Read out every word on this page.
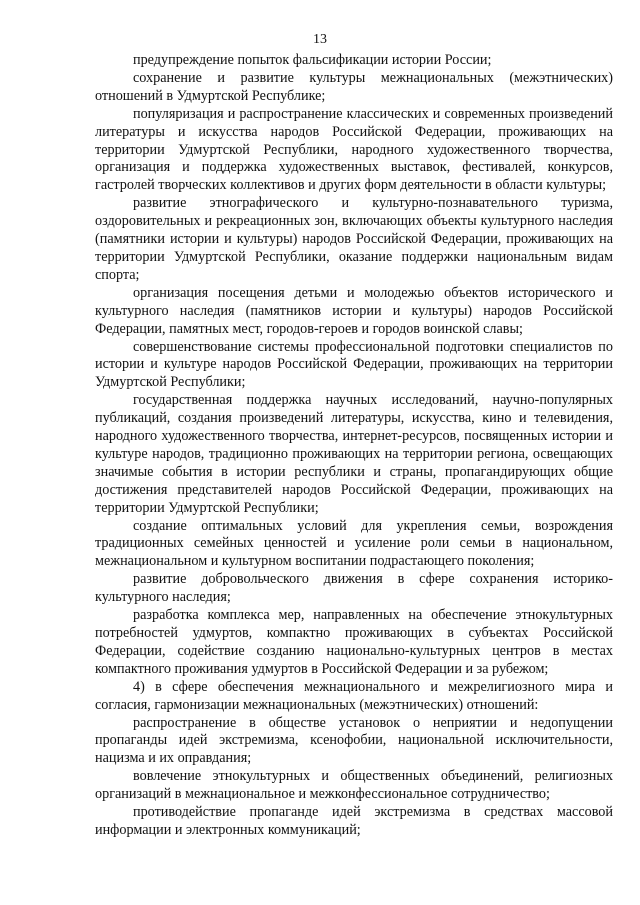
13

предупреждение попыток фальсификации истории России;

сохранение и развитие культуры межнациональных (межэтнических) отношений в Удмуртской Республике;

популяризация и распространение классических и современных произведений литературы и искусства народов Российской Федерации, проживающих на территории Удмуртской Республики, народного художественного творчества, организация и поддержка художественных выставок, фестивалей, конкурсов, гастролей творческих коллективов и других форм деятельности в области культуры;

развитие этнографического и культурно-познавательного туризма, оздоровительных и рекреационных зон, включающих объекты культурного наследия (памятники истории и культуры) народов Российской Федерации, проживающих на территории Удмуртской Республики, оказание поддержки национальным видам спорта;

организация посещения детьми и молодежью объектов исторического и культурного наследия (памятников истории и культуры) народов Российской Федерации, памятных мест, городов-героев и городов воинской славы;

совершенствование системы профессиональной подготовки специалистов по истории и культуре народов Российской Федерации, проживающих на территории Удмуртской Республики;

государственная поддержка научных исследований, научно-популярных публикаций, создания произведений литературы, искусства, кино и телевидения, народного художественного творчества, интернет-ресурсов, посвященных истории и культуре народов, традиционно проживающих на территории региона, освещающих значимые события в истории республики и страны, пропагандирующих общие достижения представителей народов Российской Федерации, проживающих на территории Удмуртской Республики;

создание оптимальных условий для укрепления семьи, возрождения традиционных семейных ценностей и усиление роли семьи в национальном, межнациональном и культурном воспитании подрастающего поколения;

развитие добровольческого движения в сфере сохранения историко-культурного наследия;

разработка комплекса мер, направленных на обеспечение этнокультурных потребностей удмуртов, компактно проживающих в субъектах Российской Федерации, содействие созданию национально-культурных центров в местах компактного проживания удмуртов в Российской Федерации и за рубежом;

4) в сфере обеспечения межнационального и межрелигиозного мира и согласия, гармонизации межнациональных (межэтнических) отношений:

распространение в обществе установок о неприятии и недопущении пропаганды идей экстремизма, ксенофобии, национальной исключительности, нацизма и их оправдания;

вовлечение этнокультурных и общественных объединений, религиозных организаций в межнациональное и межконфессиональное сотрудничество;

противодействие пропаганде идей экстремизма в средствах массовой информации и электронных коммуникаций;
